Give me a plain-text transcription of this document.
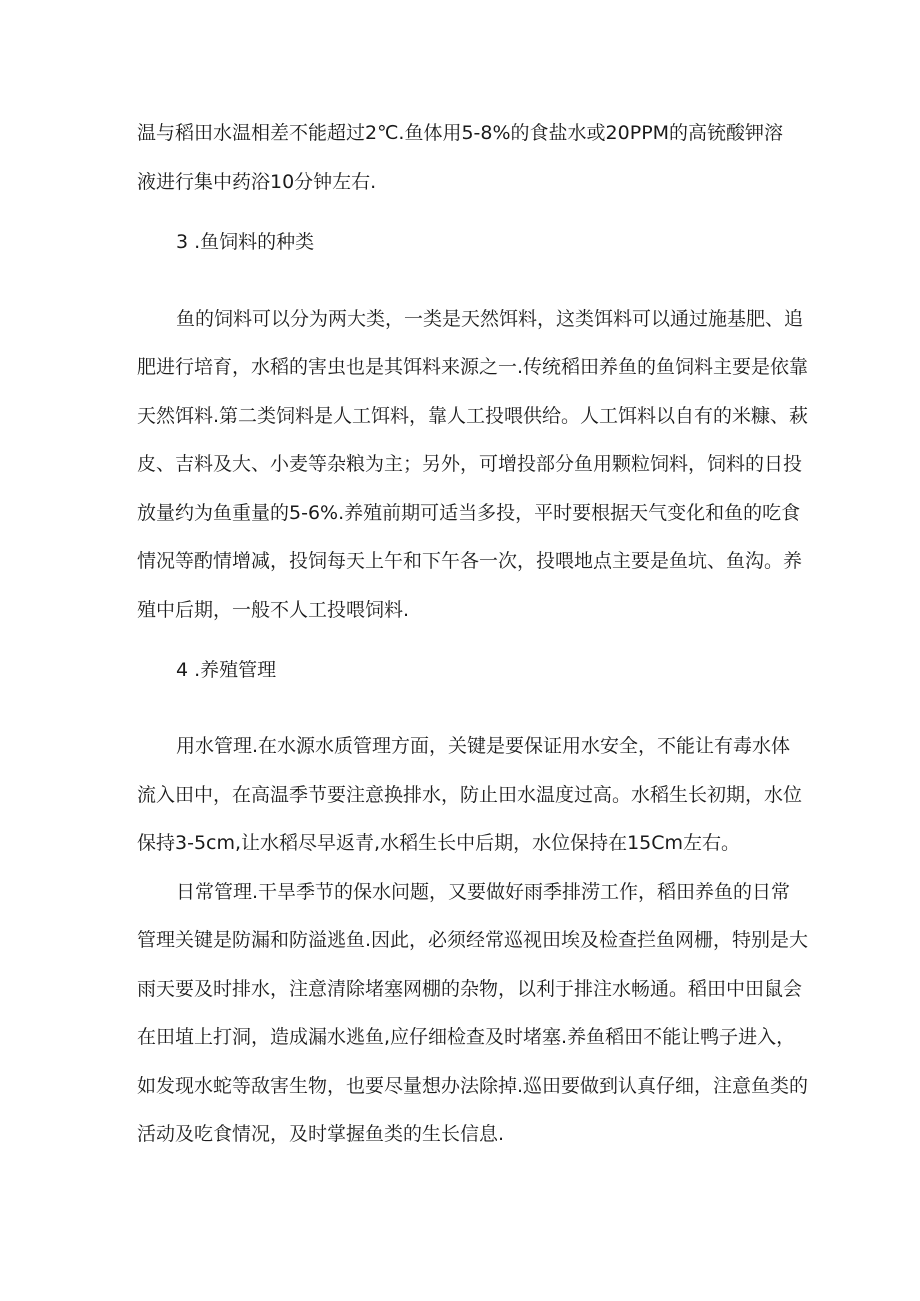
温与稻田水温相差不能超过2℃.鱼体用5-8%的食盐水或20PPM的高铳酸钾溶
液进行集中药浴10分钟左右.
3 .鱼饲料的种类
鱼的饲料可以分为两大类，一类是天然饵料，这类饵料可以通过施基肥、追
肥进行培育，水稻的害虫也是其饵料来源之一.传统稻田养鱼的鱼饲料主要是依靠
天然饵料.第二类饲料是人工饵料，靠人工投喂供给。人工饵料以自有的米糠、萩
皮、吉料及大、小麦等杂粮为主；另外，可增投部分鱼用颗粒饲料，饲料的日投
放量约为鱼重量的5-6%.养殖前期可适当多投，平时要根据天气变化和鱼的吃食
情况等酌情增减，投饲每天上午和下午各一次，投喂地点主要是鱼坑、鱼沟。养
殖中后期，一般不人工投喂饲料.
4 .养殖管理
用水管理.在水源水质管理方面，关键是要保证用水安全，不能让有毒水体
流入田中，在高温季节要注意换排水，防止田水温度过高。水稻生长初期，水位
保持3-5cm,让水稻尽早返青,水稻生长中后期，水位保持在15Cm左右。
日常管理.干旱季节的保水问题，又要做好雨季排涝工作，稻田养鱼的日常
管理关键是防漏和防溢逃鱼.因此，必须经常巡视田埃及检查拦鱼网栅，特别是大
雨天要及时排水，注意清除堵塞网棚的杂物，以利于排注水畅通。稻田中田鼠会
在田埴上打洞，造成漏水逃鱼,应仔细检查及时堵塞.养鱼稻田不能让鸭子进入，
如发现水蛇等敌害生物，也要尽量想办法除掉.巡田要做到认真仔细，注意鱼类的
活动及吃食情况，及时掌握鱼类的生长信息.
